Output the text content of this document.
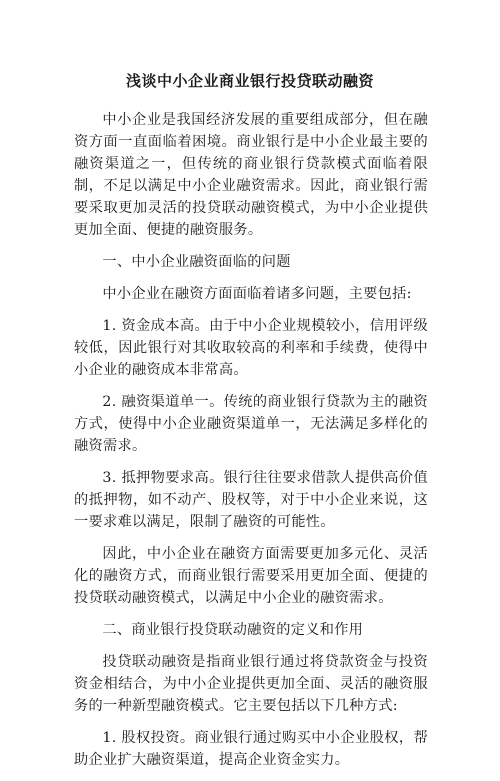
浅谈中小企业商业银行投贷联动融资

中小企业是我国经济发展的重要组成部分，但在融资方面一直面临着困境。商业银行是中小企业最主要的融资渠道之一，但传统的商业银行贷款模式面临着限制，不足以满足中小企业融资需求。因此，商业银行需要采取更加灵活的投贷联动融资模式，为中小企业提供更加全面、便捷的融资服务。

一、中小企业融资面临的问题

中小企业在融资方面面临着诸多问题，主要包括:

1. 资金成本高。由于中小企业规模较小，信用评级较低，因此银行对其收取较高的利率和手续费，使得中小企业的融资成本非常高。

2. 融资渠道单一。传统的商业银行贷款为主的融资方式，使得中小企业融资渠道单一，无法满足多样化的融资需求。

3. 抵押物要求高。银行往往要求借款人提供高价值的抵押物，如不动产、股权等，对于中小企业来说，这一要求难以满足，限制了融资的可能性。

因此，中小企业在融资方面需要更加多元化、灵活化的融资方式，而商业银行需要采用更加全面、便捷的投贷联动融资模式，以满足中小企业的融资需求。

二、商业银行投贷联动融资的定义和作用

投贷联动融资是指商业银行通过将贷款资金与投资资金相结合，为中小企业提供更加全面、灵活的融资服务的一种新型融资模式。它主要包括以下几种方式:

1. 股权投资。商业银行通过购买中小企业股权，帮助企业扩大融资渠道，提高企业资金实力。
